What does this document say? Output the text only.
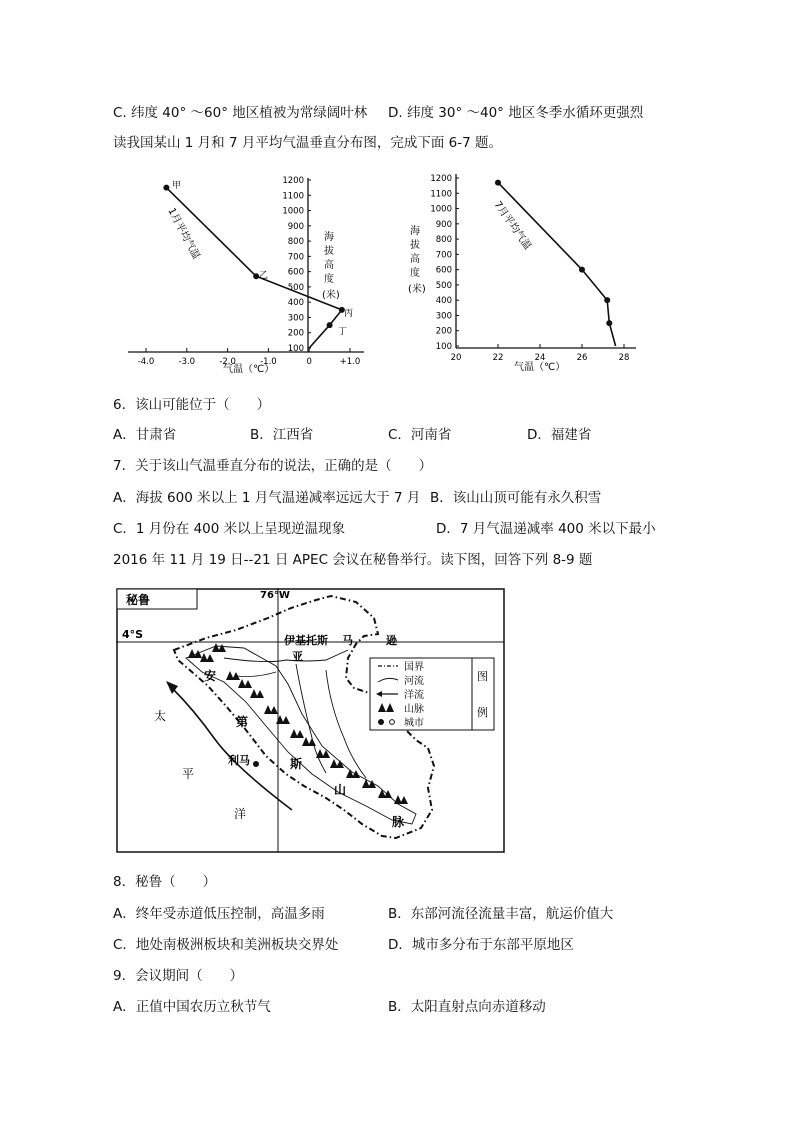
C. 纬度 40° ～60° 地区植被为常绿阔叶林 D. 纬度 30° ～40° 地区冬季水循环更强烈
读我国某山 1 月和 7 月平均气温垂直分布图，完成下面 6-7 题。
1200
1100
1000
900
800
700
600
500
400
300
200
100
-4.0	-3.0	-2.0	-1.0	0	+1.0
甲
乙
丙
丁
1月平均气温	海
拔
高
度
(米)
气温（℃）
1200
1100
1000
900
800
700
600
500
400
300
200
100
20	22	24	26	28
7月平均气温
海
拔
高
度
(米)
气温（℃）
6．该山可能位于（　　）
A．甘肃省	B．江西省	C．河南省	D．福建省
7．关于该山气温垂直分布的说法，正确的是（　　）
A．海拔 600 米以上 1 月气温递减率远远大于 7 月 B．该山山顶可能有永久积雪
C．1 月份在 400 米以上呈现逆温现象	D．7 月气温递减率 400 米以下最小
2016 年 11 月 19 日--21 日 APEC 会议在秘鲁举行。读下图，回答下列 8-9 题
秘鲁	76°W
4°S
太
平
洋
伊基托斯
亚
马	逊
安
第
斯
山
脉
利马
国界
河流
洋流
山脉
城市
图
例
8．秘鲁（　　）
A．终年受赤道低压控制，高温多雨	B．东部河流径流量丰富，航运价值大
C．地处南极洲板块和美洲板块交界处	D．城市多分布于东部平原地区
9．会议期间（　　）
A．正值中国农历立秋节气	B．太阳直射点向赤道移动
